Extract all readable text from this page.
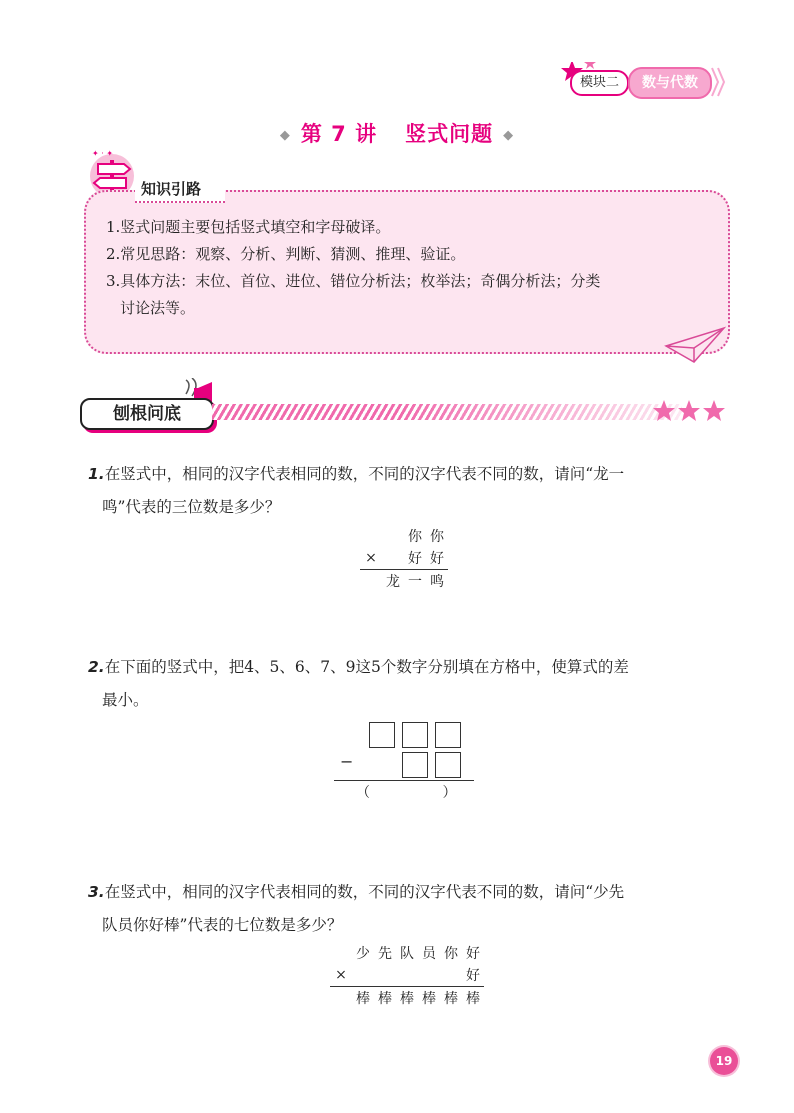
模块二	数与代数
◆ 第 7 讲 竖式问题 ◆
✦ · ✦
知识引路
1.竖式问题主要包括竖式填空和字母破译。
2.常见思路：观察、分析、判断、猜测、推理、验证。
3.具体方法：末位、首位、进位、错位分析法；枚举法；奇偶分析法；分类
讨论法等。
刨根问底
1.在竖式中，相同的汉字代表相同的数，不同的汉字代表不同的数，请问“龙一
鸣”代表的三位数是多少？
你 你
×	好 好
龙 一 鸣
2.在下面的竖式中，把4、5、6、7、9这5个数字分别填在方格中，使算式的差
最小。
−
（ ）
3.在竖式中，相同的汉字代表相同的数，不同的汉字代表不同的数，请问“少先
队员你好棒”代表的七位数是多少？
少 先 队 员 你 好
×	好
棒 棒 棒 棒 棒 棒
19
